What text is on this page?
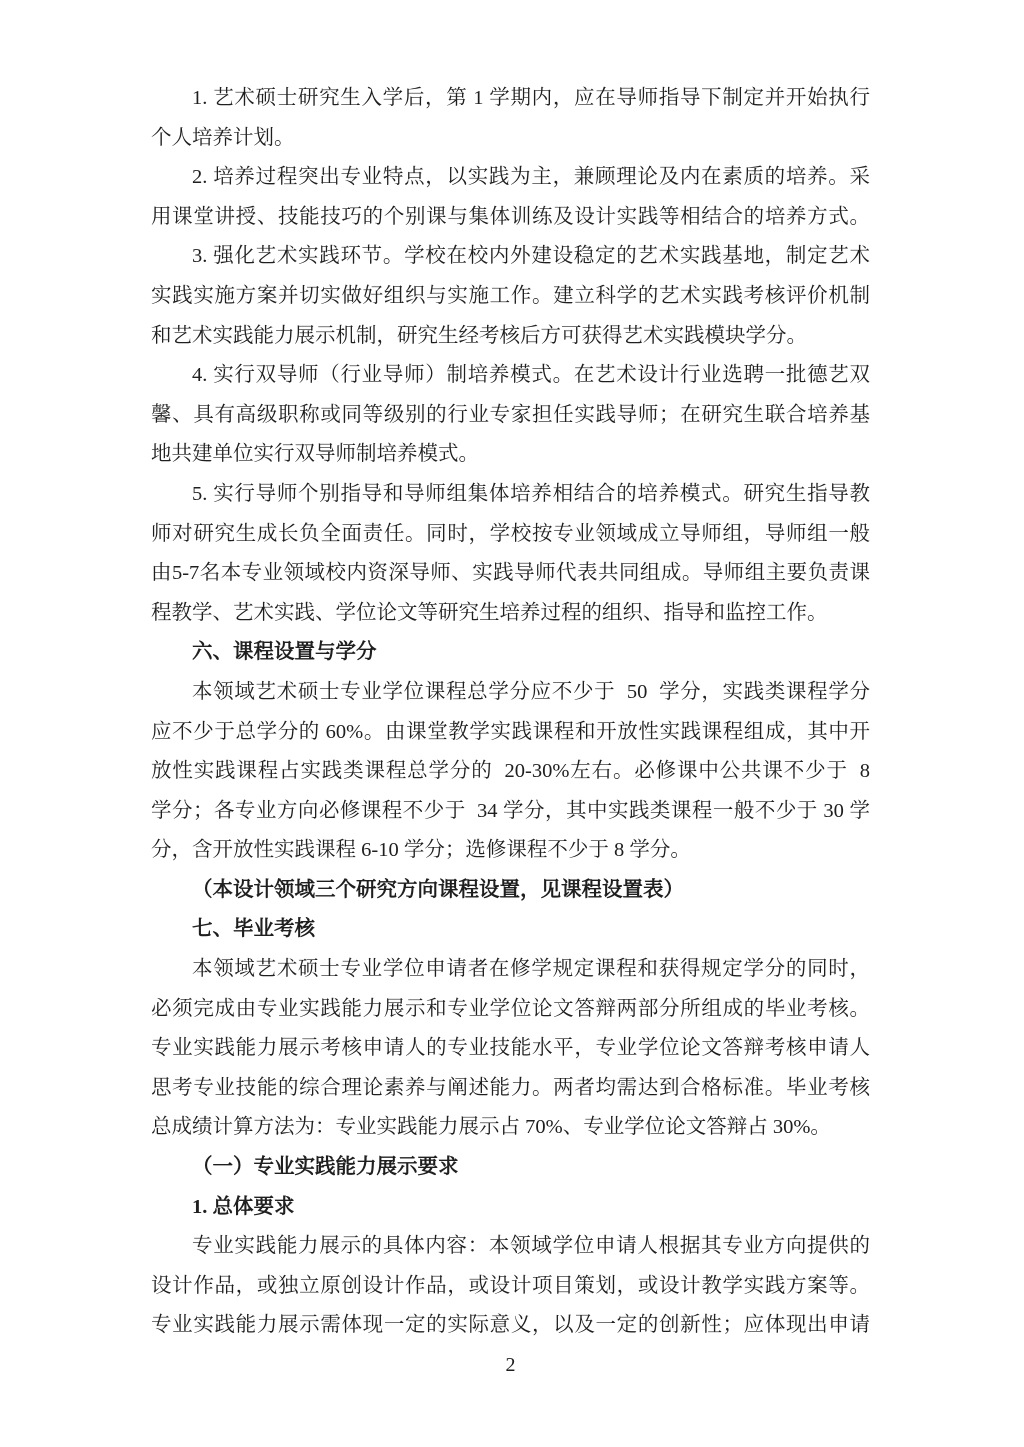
1. 艺术硕士研究生入学后，第 1 学期内，应在导师指导下制定并开始执行
个人培养计划。
2. 培养过程突出专业特点，以实践为主，兼顾理论及内在素质的培养。采
用课堂讲授、技能技巧的个别课与集体训练及设计实践等相结合的培养方式。
3. 强化艺术实践环节。学校在校内外建设稳定的艺术实践基地，制定艺术
实践实施方案并切实做好组织与实施工作。建立科学的艺术实践考核评价机制
和艺术实践能力展示机制，研究生经考核后方可获得艺术实践模块学分。
4. 实行双导师（行业导师）制培养模式。在艺术设计行业选聘一批德艺双
馨、具有高级职称或同等级别的行业专家担任实践导师；在研究生联合培养基
地共建单位实行双导师制培养模式。
5. 实行导师个别指导和导师组集体培养相结合的培养模式。研究生指导教
师对研究生成长负全面责任。同时，学校按专业领域成立导师组，导师组一般
由5-7名本专业领域校内资深导师、实践导师代表共同组成。导师组主要负责课
程教学、艺术实践、学位论文等研究生培养过程的组织、指导和监控工作。
六、课程设置与学分
本领域艺术硕士专业学位课程总学分应不少于  50  学分，实践类课程学分
应不少于总学分的 60%。由课堂教学实践课程和开放性实践课程组成，其中开
放性实践课程占实践类课程总学分的  20-30%左右。必修课中公共课不少于  8
学分；各专业方向必修课程不少于  34 学分，其中实践类课程一般不少于 30 学
分，含开放性实践课程 6-10 学分；选修课程不少于 8 学分。
（本设计领域三个研究方向课程设置，见课程设置表）
七、毕业考核
本领域艺术硕士专业学位申请者在修学规定课程和获得规定学分的同时，
必须完成由专业实践能力展示和专业学位论文答辩两部分所组成的毕业考核。
专业实践能力展示考核申请人的专业技能水平，专业学位论文答辩考核申请人
思考专业技能的综合理论素养与阐述能力。两者均需达到合格标准。毕业考核
总成绩计算方法为：专业实践能力展示占 70%、专业学位论文答辩占 30%。
（一）专业实践能力展示要求
1. 总体要求
专业实践能力展示的具体内容：本领域学位申请人根据其专业方向提供的
设计作品，或独立原创设计作品，或设计项目策划，或设计教学实践方案等。
专业实践能力展示需体现一定的实际意义，以及一定的创新性；应体现出申请
2
